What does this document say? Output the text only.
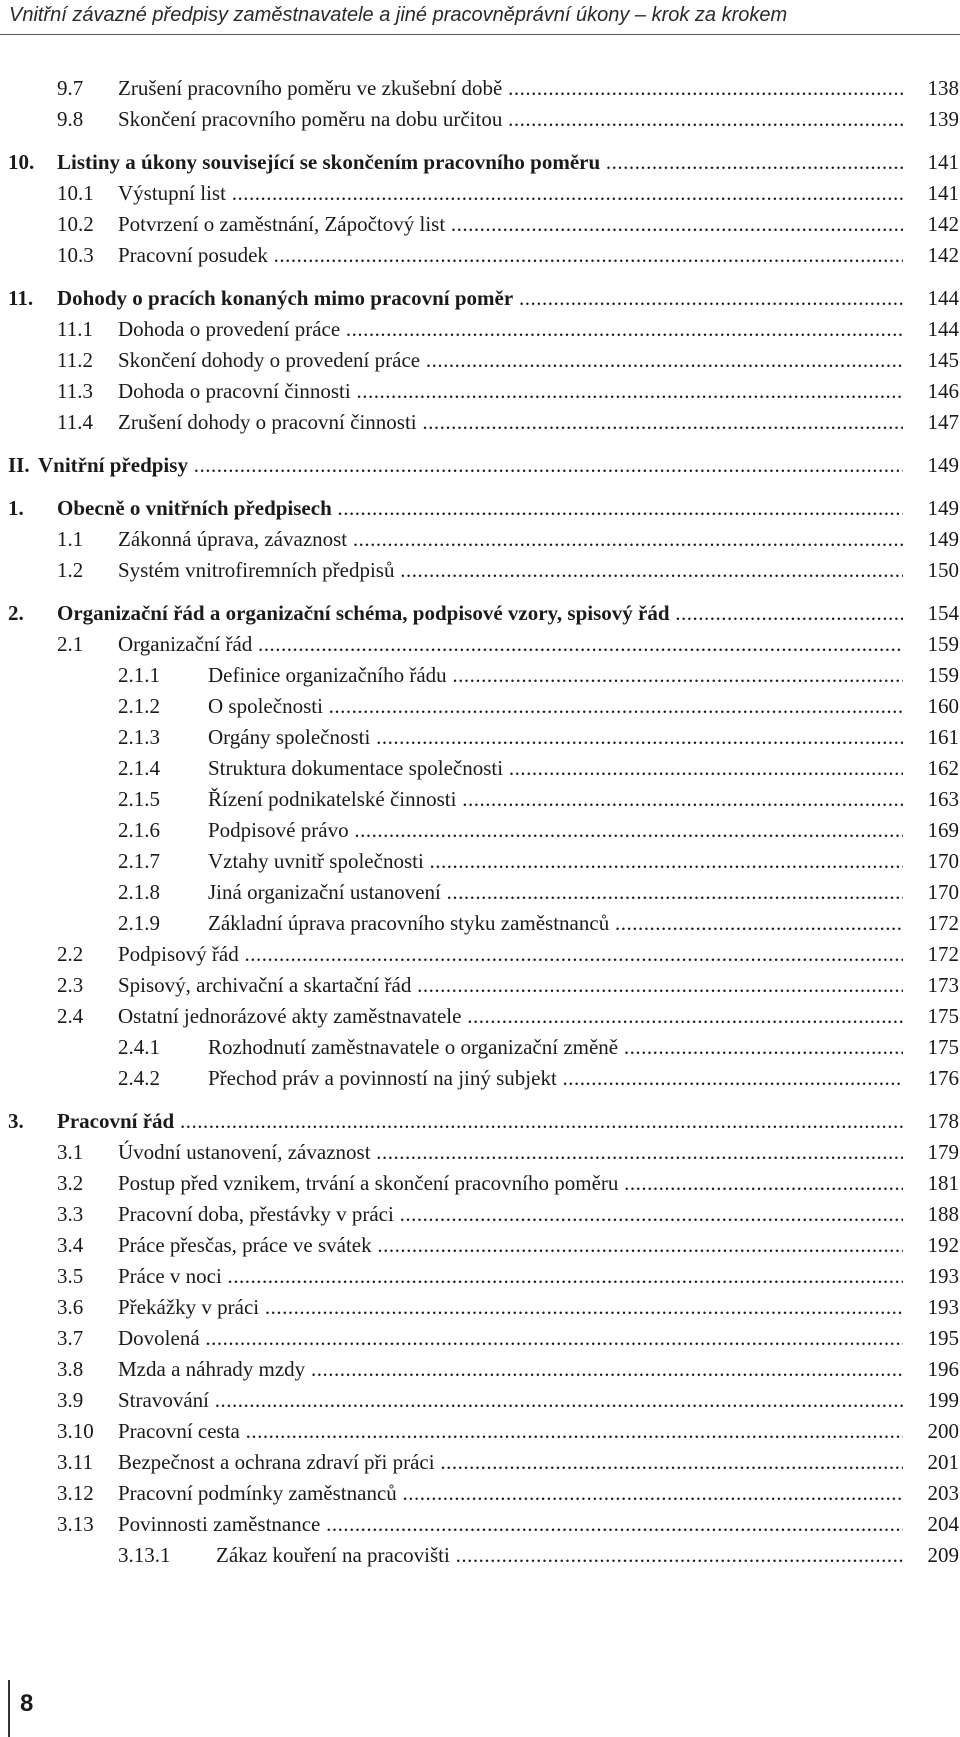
Vnitřní závazné předpisy zaměstnavatele a jiné pracovněprávní úkony – krok za krokem
9.7 Zrušení pracovního poměru ve zkušební době .....	138
9.8 Skončení pracovního poměru na dobu určitou .....	139
10. Listiny a úkony související se skončením pracovního poměru .....	141
10.1 Výstupní list .....	141
10.2 Potvrzení o zaměstnání, Zápočtový list .....	142
10.3 Pracovní posudek .....	142
11. Dohody o pracích konaných mimo pracovní poměr .....	144
11.1 Dohoda o provedení práce .....	144
11.2 Skončení dohody o provedení práce .....	145
11.3 Dohoda o pracovní činnosti .....	146
11.4 Zrušení dohody o pracovní činnosti .....	147
II. Vnitřní předpisy .....	149
1. Obecně o vnitřních předpisech .....	149
1.1 Zákonná úprava, závaznost .....	149
1.2 Systém vnitrofiremních předpisů .....	150
2. Organizační řád a organizační schéma, podpisové vzory, spisový řád .....	154
2.1 Organizační řád .....	159
2.1.1 Definice organizačního řádu .....	159
2.1.2 O společnosti .....	160
2.1.3 Orgány společnosti .....	161
2.1.4 Struktura dokumentace společnosti .....	162
2.1.5 Řízení podnikatelské činnosti .....	163
2.1.6 Podpisové právo .....	169
2.1.7 Vztahy uvnitř společnosti .....	170
2.1.8 Jiná organizační ustanovení .....	170
2.1.9 Základní úprava pracovního styku zaměstnanců .....	172
2.2 Podpisový řád .....	172
2.3 Spisový, archivační a skartační řád .....	173
2.4 Ostatní jednorázové akty zaměstnavatele .....	175
2.4.1 Rozhodnutí zaměstnavatele o organizační změně .....	175
2.4.2 Přechod práv a povinností na jiný subjekt .....	176
3. Pracovní řád .....	178
3.1 Úvodní ustanovení, závaznost .....	179
3.2 Postup před vznikem, trvání a skončení pracovního poměru .....	181
3.3 Pracovní doba, přestávky v práci .....	188
3.4 Práce přesčas, práce ve svátek .....	192
3.5 Práce v noci .....	193
3.6 Překážky v práci .....	193
3.7 Dovolená .....	195
3.8 Mzda a náhrady mzdy .....	196
3.9 Stravování .....	199
3.10 Pracovní cesta .....	200
3.11 Bezpečnost a ochrana zdraví při práci .....	201
3.12 Pracovní podmínky zaměstnanců .....	203
3.13 Povinnosti zaměstnance .....	204
3.13.1 Zákaz kouření na pracovišti .....	209
8
